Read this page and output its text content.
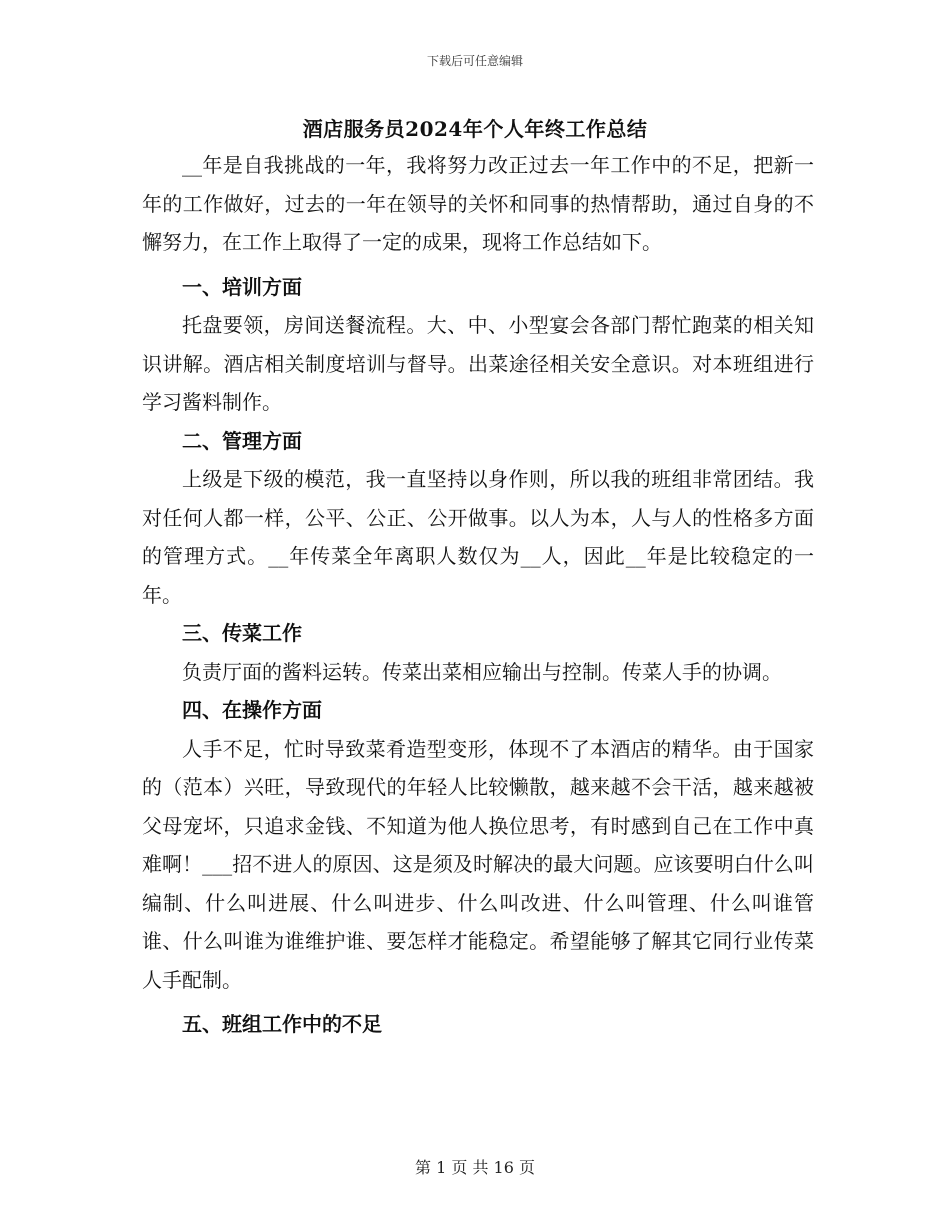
下载后可任意编辑
酒店服务员2024年个人年终工作总结

__年是自我挑战的一年，我将努力改正过去一年工作中的不足，把新一年的工作做好，过去的一年在领导的关怀和同事的热情帮助，通过自身的不懈努力，在工作上取得了一定的成果，现将工作总结如下。

一、培训方面

托盘要领，房间送餐流程。大、中、小型宴会各部门帮忙跑菜的相关知识讲解。酒店相关制度培训与督导。出菜途径相关安全意识。对本班组进行学习酱料制作。

二、管理方面

上级是下级的模范，我一直坚持以身作则，所以我的班组非常团结。我对任何人都一样，公平、公正、公开做事。以人为本，人与人的性格多方面的管理方式。__年传菜全年离职人数仅为__人，因此__年是比较稳定的一年。

三、传菜工作

负责厅面的酱料运转。传菜出菜相应输出与控制。传菜人手的协调。

四、在操作方面

人手不足，忙时导致菜肴造型变形，体现不了本酒店的精华。由于国家的（范本）兴旺，导致现代的年轻人比较懒散，越来越不会干活，越来越被父母宠坏，只追求金钱、不知道为他人换位思考，有时感到自己在工作中真难啊！___招不进人的原因、这是须及时解决的最大问题。应该要明白什么叫编制、什么叫进展、什么叫进步、什么叫改进、什么叫管理、什么叫谁管谁、什么叫谁为谁维护谁、要怎样才能稳定。希望能够了解其它同行业传菜人手配制。

五、班组工作中的不足
第 1 页 共 16 页
